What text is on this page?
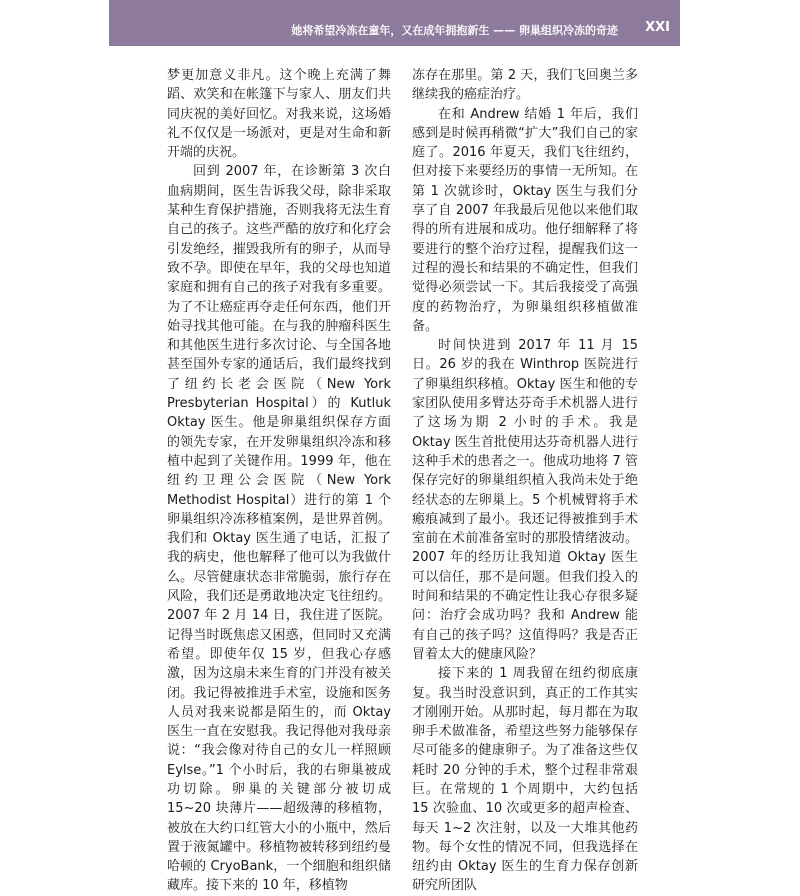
她将希望冷冻在童年，又在成年拥抱新生 —— 卵巢组织冷冻的奇迹 XXI

梦更加意义非凡。这个晚上充满了舞蹈、欢笑和在帐篷下与家人、朋友们共同庆祝的美好回忆。对我来说，这场婚礼不仅仅是一场派对，更是对生命和新开端的庆祝。

回到 2007 年，在诊断第 3 次白血病期间，医生告诉我父母，除非采取某种生育保护措施，否则我将无法生育自己的孩子。这些严酷的放疗和化疗会引发绝经，摧毁我所有的卵子，从而导致不孕。即使在早年，我的父母也知道家庭和拥有自己的孩子对我有多重要。为了不让癌症再夺走任何东西，他们开始寻找其他可能。在与我的肿瘤科医生和其他医生进行多次讨论、与全国各地甚至国外专家的通话后，我们最终找到了纽约长老会医院（New York Presbyterian Hospital）的 Kutluk Oktay 医生。他是卵巢组织保存方面的领先专家，在开发卵巢组织冷冻和移植中起到了关键作用。1999 年，他在纽约卫理公会医院（New York Methodist Hospital）进行的第 1 个卵巢组织冷冻移植案例，是世界首例。我们和 Oktay 医生通了电话，汇报了我的病史，他也解释了他可以为我做什么。尽管健康状态非常脆弱，旅行存在风险，我们还是勇敢地决定飞往纽约。2007 年 2 月 14 日，我住进了医院。记得当时既焦虑又困惑，但同时又充满希望。即使年仅 15 岁，但我心存感激，因为这扇未来生育的门并没有被关闭。我记得被推进手术室，设施和医务人员对我来说都是陌生的，而 Oktay 医生一直在安慰我。我记得他对我母亲说：“我会像对待自己的女儿一样照顾 Eylse。”1 个小时后，我的右卵巢被成功切除。卵巢的关键部分被切成 15~20 块薄片——超级薄的移植物，被放在大约口红管大小的小瓶中，然后置于液氮罐中。移植物被转移到纽约曼哈顿的 CryoBank，一个细胞和组织储藏库。接下来的 10 年，移植物

冻存在那里。第 2 天，我们飞回奥兰多继续我的癌症治疗。

在和 Andrew 结婚 1 年后，我们感到是时候再稍微“扩大”我们自己的家庭了。2016 年夏天，我们飞往纽约，但对接下来要经历的事情一无所知。在第 1 次就诊时，Oktay 医生与我们分享了自 2007 年我最后见他以来他们取得的所有进展和成功。他仔细解释了将要进行的整个治疗过程，提醒我们这一过程的漫长和结果的不确定性，但我们觉得必须尝试一下。其后我接受了高强度的药物治疗，为卵巢组织移植做准备。

时间快进到 2017 年 11 月 15 日。26 岁的我在 Winthrop 医院进行了卵巢组织移植。Oktay 医生和他的专家团队使用多臂达芬奇手术机器人进行了这场为期 2 小时的手术。我是 Oktay 医生首批使用达芬奇机器人进行这种手术的患者之一。他成功地将 7 管保存完好的卵巢组织植入我尚未处于绝经状态的左卵巢上。5 个机械臂将手术瘢痕减到了最小。我还记得被推到手术室前在术前准备室时的那股情绪波动。2007 年的经历让我知道 Oktay 医生可以信任，那不是问题。但我们投入的时间和结果的不确定性让我心存很多疑问：治疗会成功吗？我和 Andrew 能有自己的孩子吗？这值得吗？我是否正冒着太大的健康风险？

接下来的 1 周我留在纽约彻底康复。我当时没意识到，真正的工作其实才刚刚开始。从那时起，每月都在为取卵手术做准备，希望这些努力能够保存尽可能多的健康卵子。为了准备这些仅耗时 20 分钟的手术，整个过程非常艰巨。在常规的 1 个周期中，大约包括 15 次验血、10 次或更多的超声检查、每天 1~2 次注射，以及一大堆其他药物。每个女性的情况不同，但我选择在纽约由 Oktay 医生的生育力保存创新研究所团队
